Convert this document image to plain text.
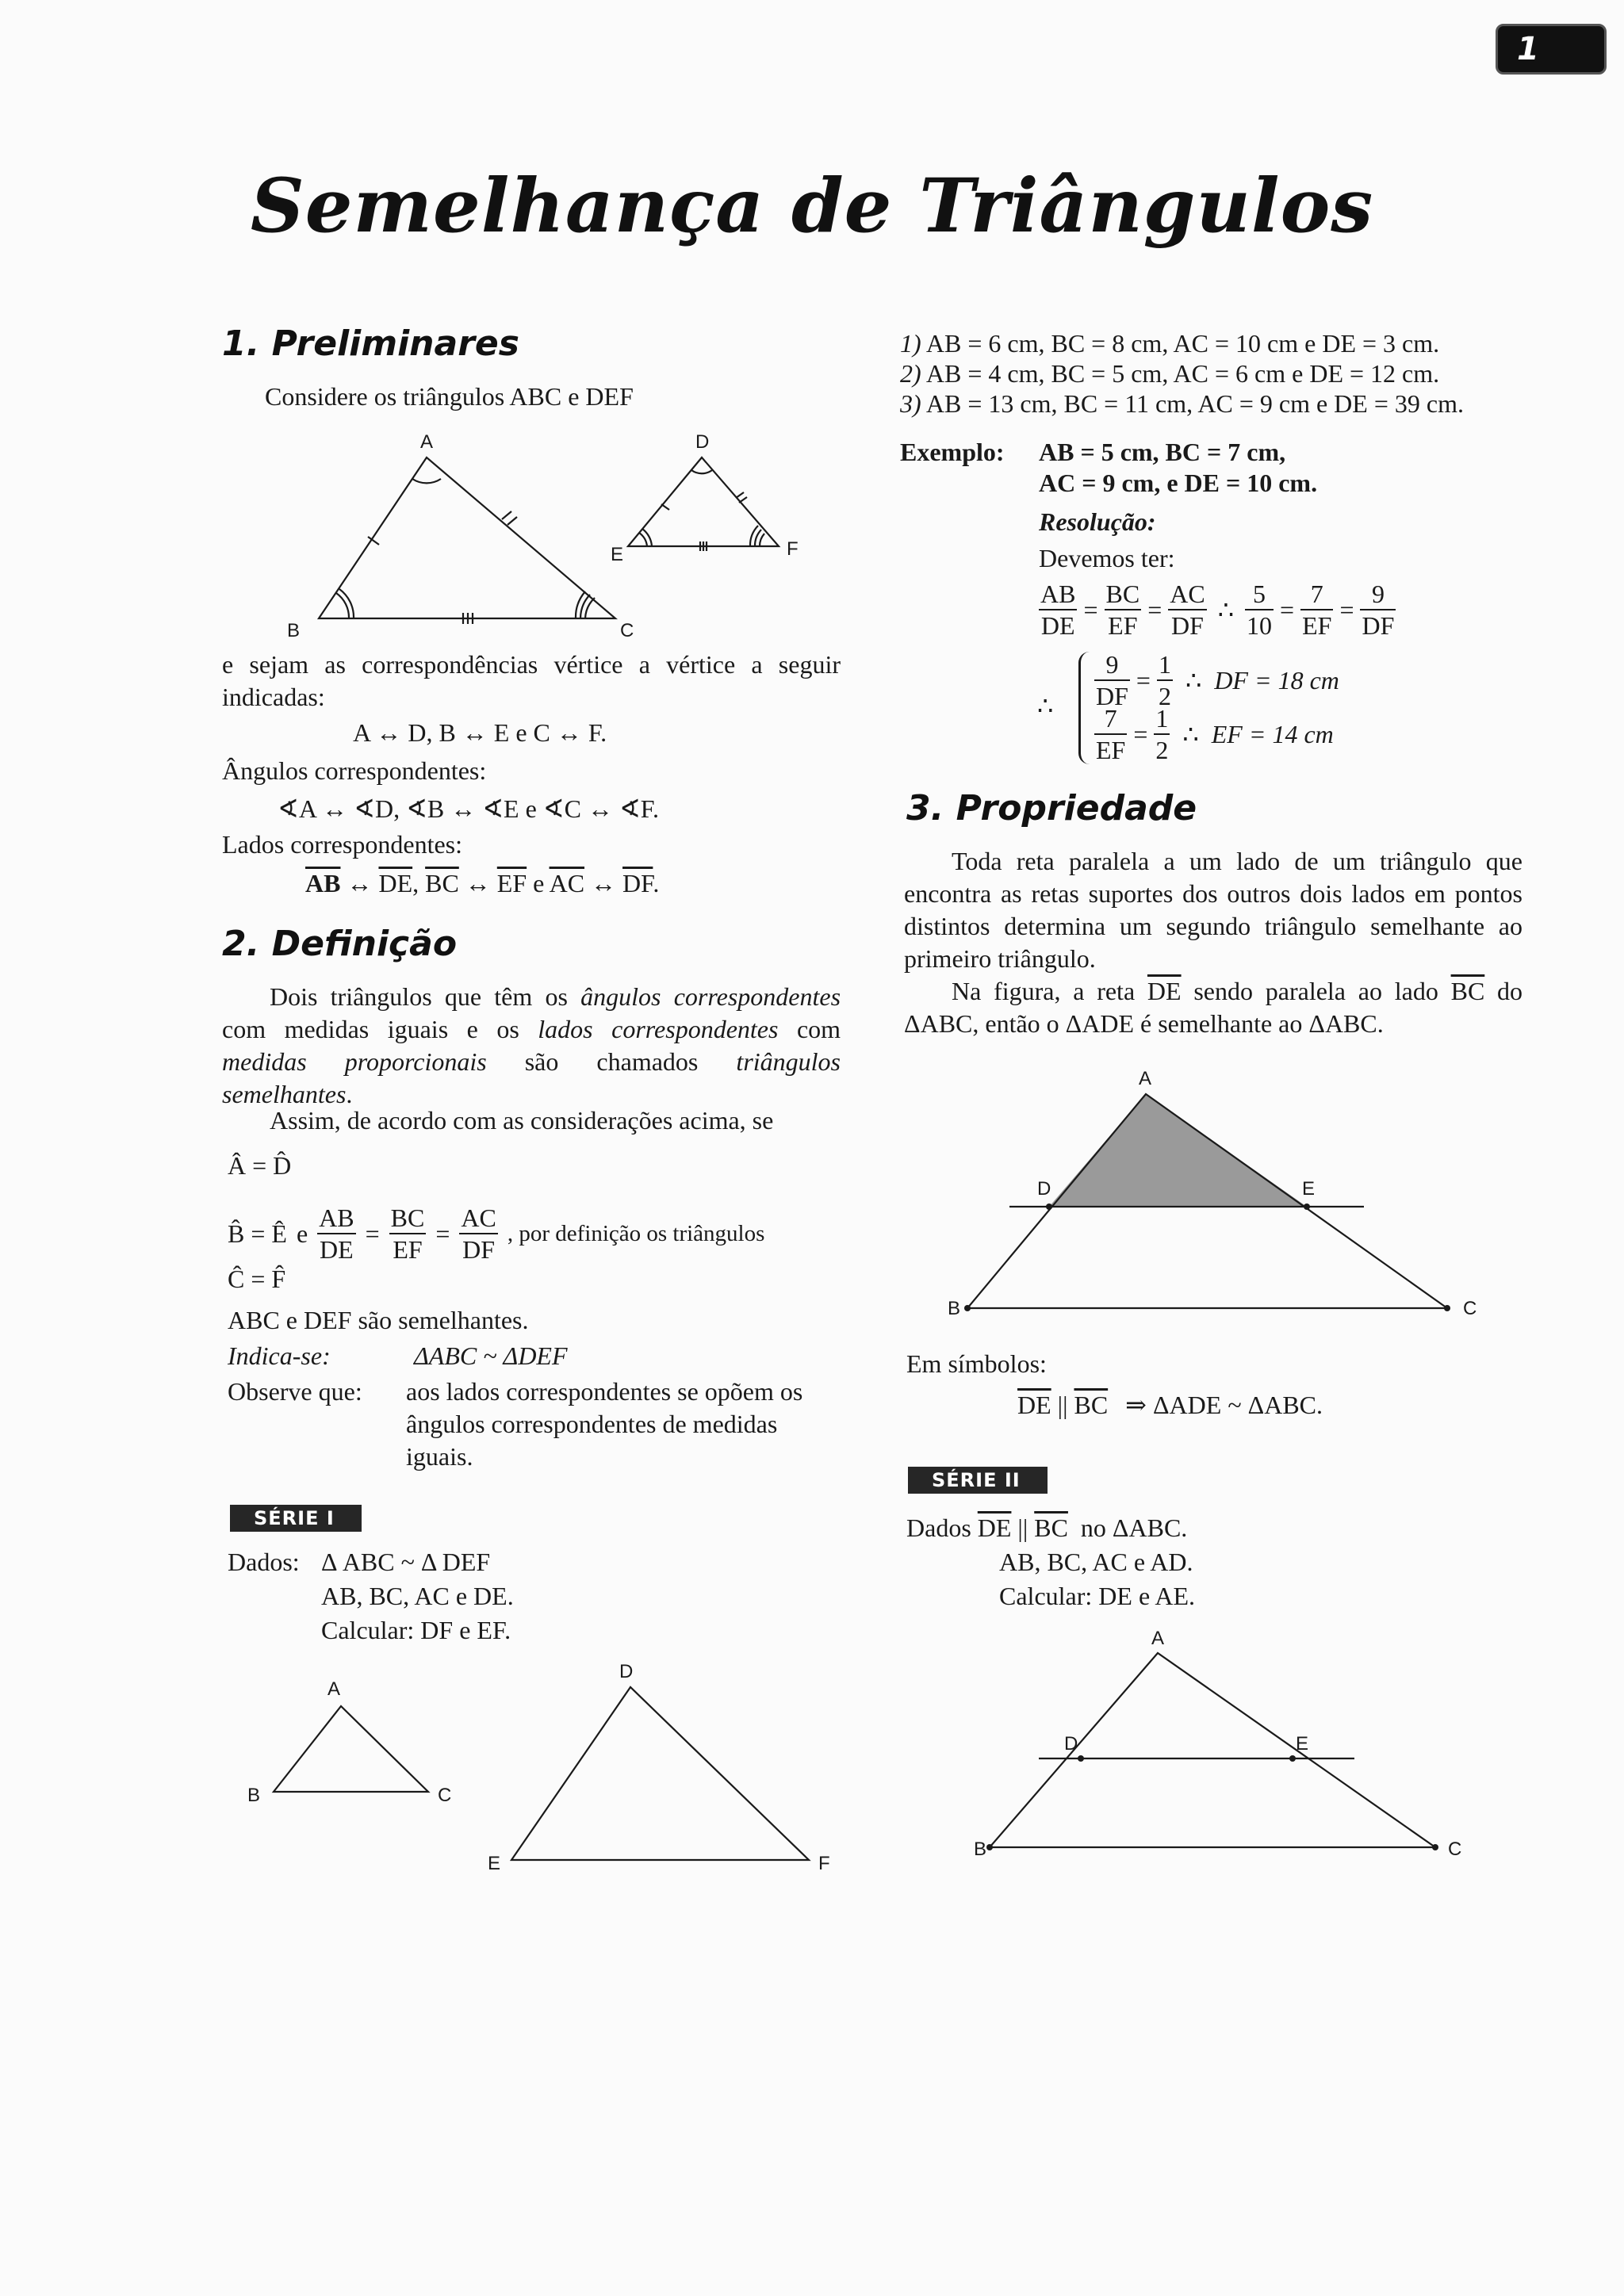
1
Semelhança de Triângulos
1. Preliminares
Considere os triângulos ABC e DEF
A
B	C
D
E	F
e sejam as correspondências vértice a vértice a seguir indicadas:
A ↔ D, B ↔ E e C ↔ F.
Ângulos correspondentes:
∢A ↔ ∢D, ∢B ↔ ∢E e ∢C ↔ ∢F.
Lados correspondentes:
$\overline{AB}$ ↔ $\overline{DE}$, $\overline{BC}$ ↔ $\overline{EF}$ e $\overline{AC}$ ↔ $\overline{DF}$.
2. Definição
Dois triângulos que têm os ângulos correspondentes com medidas iguais e os lados correspondentes com medidas proporcionais são chamados triângulos semelhantes.
Assim, de acordo com as considerações acima, se
Â = D̂
B̂ = Ê e $\frac{AB}{DE} = \frac{BC}{EF} = \frac{AC}{DF}$ , por definição os triângulos
Ĉ = F̂
ABC e DEF são semelhantes.
Indica-se:	ΔABC ~ ΔDEF
Observe que: aos lados correspondentes se opõem os ângulos correspondentes de medidas iguais.
SÉRIE I
Dados: Δ ABC ~ Δ DEF
AB, BC, AC e DE.
Calcular: DF e EF.
A
B	C
D
E	F
1) AB = 6 cm, BC = 8 cm, AC = 10 cm e DE = 3 cm.
2) AB = 4 cm, BC = 5 cm, AC = 6 cm e DE = 12 cm.
3) AB = 13 cm, BC = 11 cm, AC = 9 cm e DE = 39 cm.
Exemplo: AB = 5 cm, BC = 7 cm,
AC = 9 cm, e DE = 10 cm.
Resolução:
Devemos ter:
$\frac{AB}{DE} = \frac{BC}{EF} = \frac{AC}{DF}$ ∴ $\frac{5}{10} = \frac{7}{EF} = \frac{9}{DF}$
∴ $\frac{9}{DF} = \frac{1}{2}$ ∴ DF = 18 cm
$\frac{7}{EF} = \frac{1}{2}$ ∴ EF = 14 cm
3. Propriedade
Toda reta paralela a um lado de um triângulo que encontra as retas suportes dos outros dois lados em pontos distintos determina um segundo triângulo semelhante ao primeiro triângulo.
Na figura, a reta $\overline{DE}$ sendo paralela ao lado $\overline{BC}$ do ΔABC, então o ΔADE é semelhante ao ΔABC.
A
B	C
D	E
Em símbolos:
$\overline{DE}$ || $\overline{BC}$ ⇒ ΔADE ~ ΔABC.
SÉRIE II
Dados $\overline{DE}$ || $\overline{BC}$ no ΔABC.
AB, BC, AC e AD.
Calcular: DE e AE.
A
B	C
D	E
